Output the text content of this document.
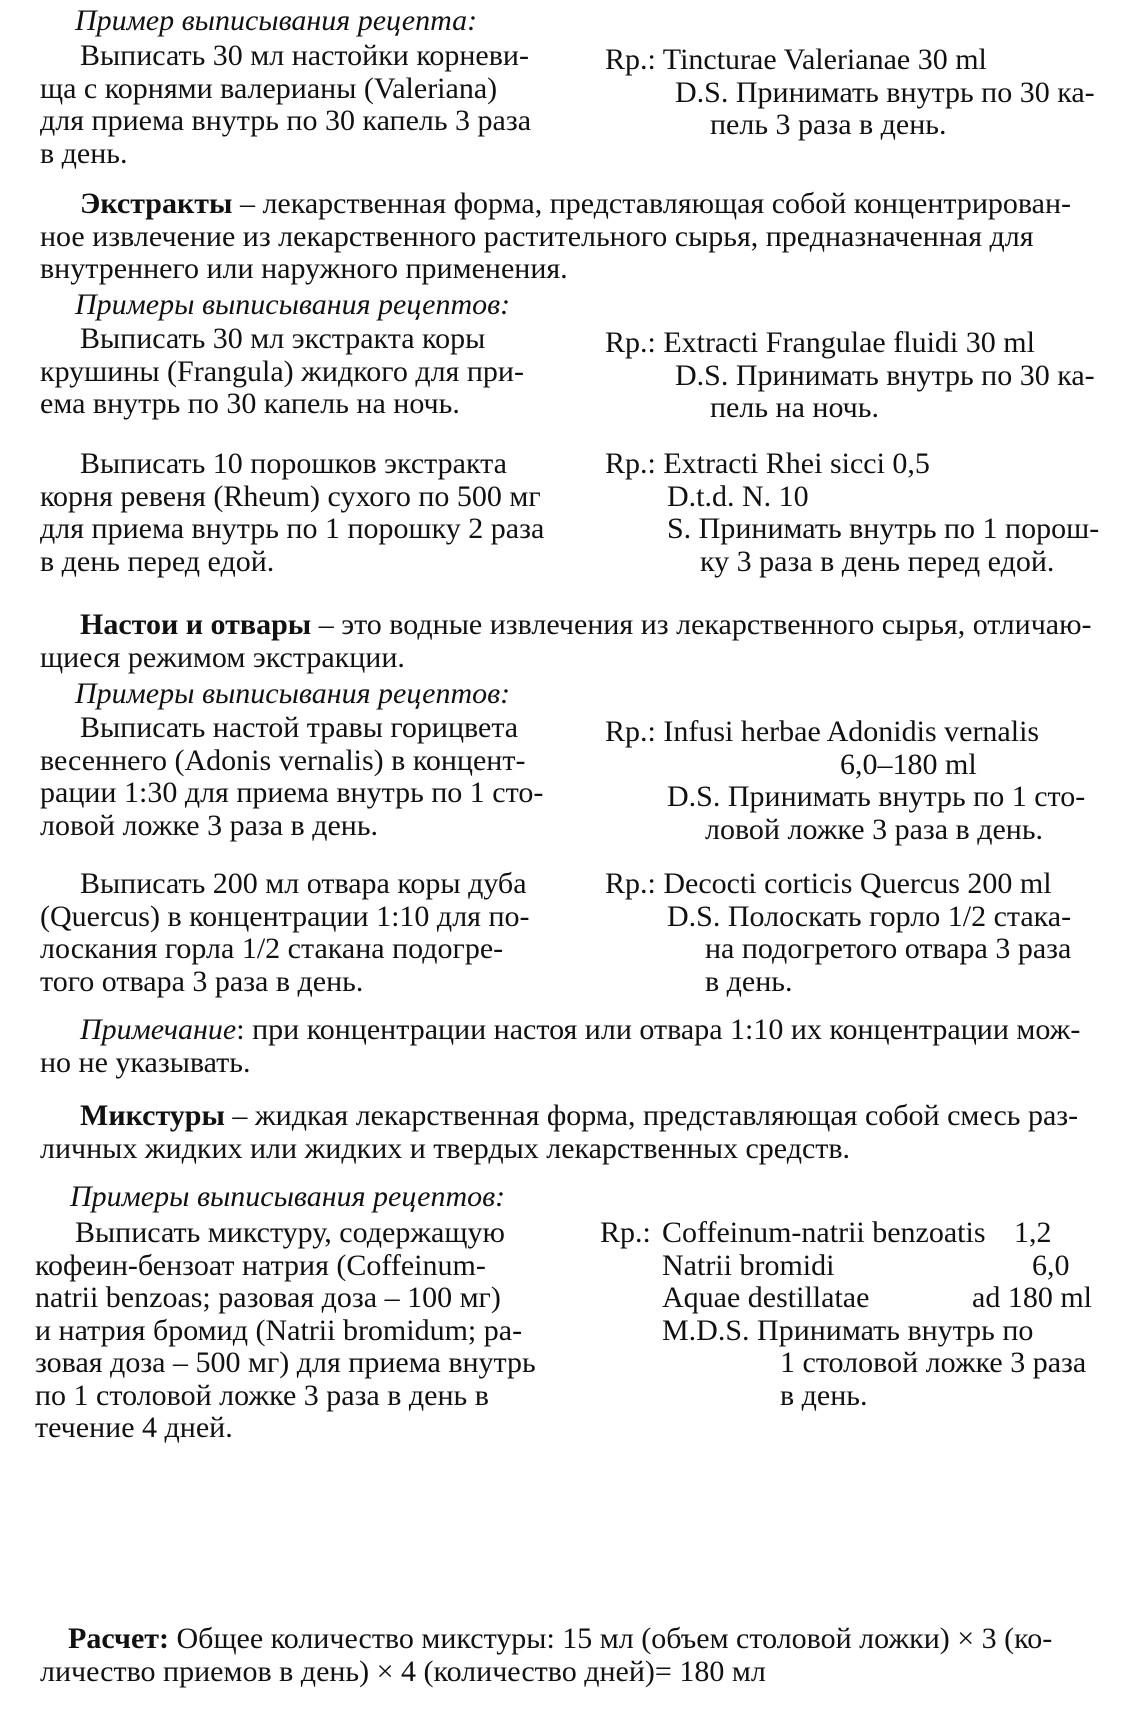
Пример выписывания рецепта:
Выписать 30 мл настойки корневи-
ща с корнями валерианы (Valeriana)
для приема внутрь по 30 капель 3 раза
в день.
Rp.: Tincturae Valerianae 30 ml
D.S. Принимать внутрь по 30 ка-
пель 3 раза в день.
Экстракты – лекарственная форма, представляющая собой концентрирован-
ное извлечение из лекарственного растительного сырья, предназначенная для
внутреннего или наружного применения.
Примеры выписывания рецептов:
Выписать 30 мл экстракта коры
крушины (Frangula) жидкого для при-
ема внутрь по 30 капель на ночь.
Rp.: Extracti Frangulae fluidi 30 ml
D.S. Принимать внутрь по 30 ка-
пель на ночь.
Выписать 10 порошков экстракта
корня ревеня (Rheum) сухого по 500 мг
для приема внутрь по 1 порошку 2 раза
в день перед едой.
Rp.: Extracti Rhei sicci 0,5
D.t.d. N. 10
S. Принимать внутрь по 1 порош-
ку 3 раза в день перед едой.
Настои и отвары – это водные извлечения из лекарственного сырья, отличаю-
щиеся режимом экстракции.
Примеры выписывания рецептов:
Выписать настой травы горицвета
весеннего (Adonis vernalis) в концент-
рации 1:30 для приема внутрь по 1 сто-
ловой ложке 3 раза в день.
Rp.: Infusi herbae Adonidis vernalis
6,0–180 ml
D.S. Принимать внутрь по 1 сто-
ловой ложке 3 раза в день.
Выписать 200 мл отвара коры дуба
(Quercus) в концентрации 1:10 для по-
лоскания горла 1/2 стакана подогре-
того отвара 3 раза в день.
Rp.: Decocti corticis Quercus 200 ml
D.S. Полоскать горло 1/2 стака-
на подогретого отвара 3 раза
в день.
Примечание: при концентрации настоя или отвара 1:10 их концентрации мож-
но не указывать.
Микстуры – жидкая лекарственная форма, представляющая собой смесь раз-
личных жидких или жидких и твердых лекарственных средств.
Примеры выписывания рецептов:
Выписать микстуру, содержащую
кофеин-бензоат натрия (Coffeinum-
natrii benzoas; разовая доза – 100 мг)
и натрия бромид (Natrii bromidum; ра-
зовая доза – 500 мг) для приема внутрь
по 1 столовой ложке 3 раза в день в
течение 4 дней.
Rp.: Coffeinum-natrii benzoatis 1,2
Natrii bromidi	6,0
Aquae destillatae	ad 180 ml
M.D.S. Принимать внутрь по
1 столовой ложке 3 раза
в день.
Расчет: Общее количество микстуры: 15 мл (объем столовой ложки) × 3 (ко-
личество приемов в день) × 4 (количество дней)= 180 мл
